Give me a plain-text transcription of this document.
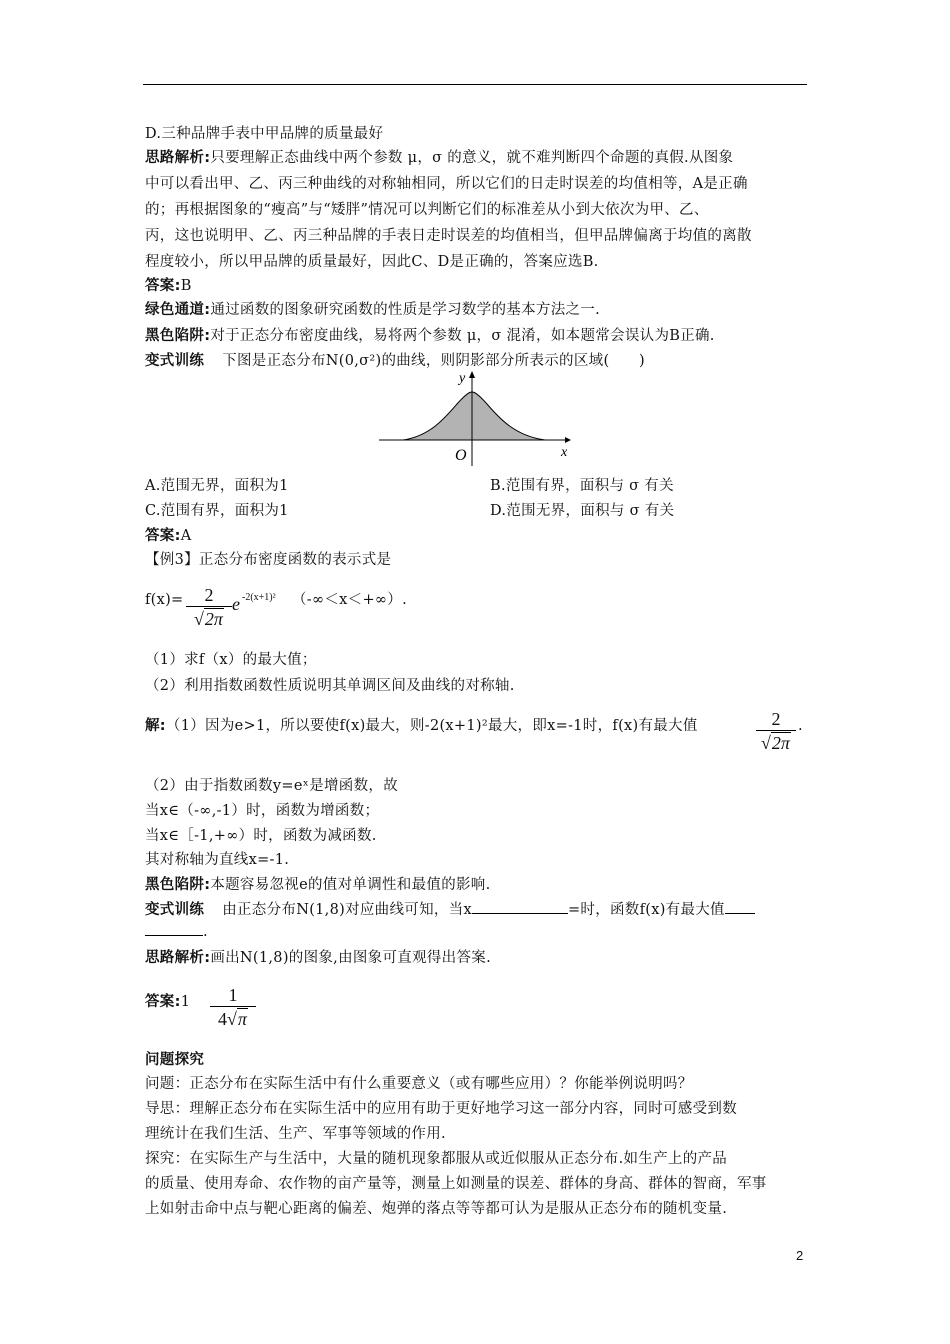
D.三种品牌手表中甲品牌的质量最好
思路解析:只要理解正态曲线中两个参数 μ，σ 的意义，就不难判断四个命题的真假.从图象
中可以看出甲、乙、丙三种曲线的对称轴相同，所以它们的日走时误差的均值相等，A是正确
的；再根据图象的“瘦高”与“矮胖”情况可以判断它们的标准差从小到大依次为甲、乙、
丙，这也说明甲、乙、丙三种品牌的手表日走时误差的均值相当，但甲品牌偏离于均值的离散
程度较小，所以甲品牌的质量最好，因此C、D是正确的，答案应选B.
答案:B
绿色通道:通过函数的图象研究函数的性质是学习数学的基本方法之一.
黑色陷阱:对于正态分布密度曲线，易将两个参数 μ，σ 混淆，如本题常会误认为B正确.
变式训练 下图是正态分布N(0,σ²)的曲线，则阴影部分所表示的区域(　　)
y
x
O
A.范围无界，面积为1	B.范围有界，面积与 σ 有关
C.范围有界，面积为1	D.范围无界，面积与 σ 有关
答案:A
【例3】正态分布密度函数的表示式是
f(x)=	2
√2π
e -2(x+1)² （-∞＜x＜+∞）.
（1）求f（x）的最大值；
（2）利用指数函数性质说明其单调区间及曲线的对称轴.
解:（1）因为e>1，所以要使f(x)最大，则-2(x+1)²最大，即x=-1时，f(x)有最大值	2
√2π
.
（2）由于指数函数y=eˣ是增函数，故
当x∈（-∞,-1）时，函数为增函数；
当x∈［-1,+∞）时，函数为减函数.
其对称轴为直线x=-1.
黑色陷阱:本题容易忽视e的值对单调性和最值的影响.
变式训练 由正态分布N(1,8)对应曲线可知，当x	=时，函数f(x)有最大值
.
思路解析:画出N(1,8)的图象,由图象可直观得出答案.
答案:1	1
4√π
问题探究
问题：正态分布在实际生活中有什么重要意义（或有哪些应用）？你能举例说明吗？
导思：理解正态分布在实际生活中的应用有助于更好地学习这一部分内容，同时可感受到数
理统计在我们生活、生产、军事等领域的作用.
探究：在实际生产与生活中，大量的随机现象都服从或近似服从正态分布.如生产上的产品
的质量、使用寿命、农作物的亩产量等，测量上如测量的误差、群体的身高、群体的智商，军事
上如射击命中点与靶心距离的偏差、炮弹的落点等等都可认为是服从正态分布的随机变量.
2
